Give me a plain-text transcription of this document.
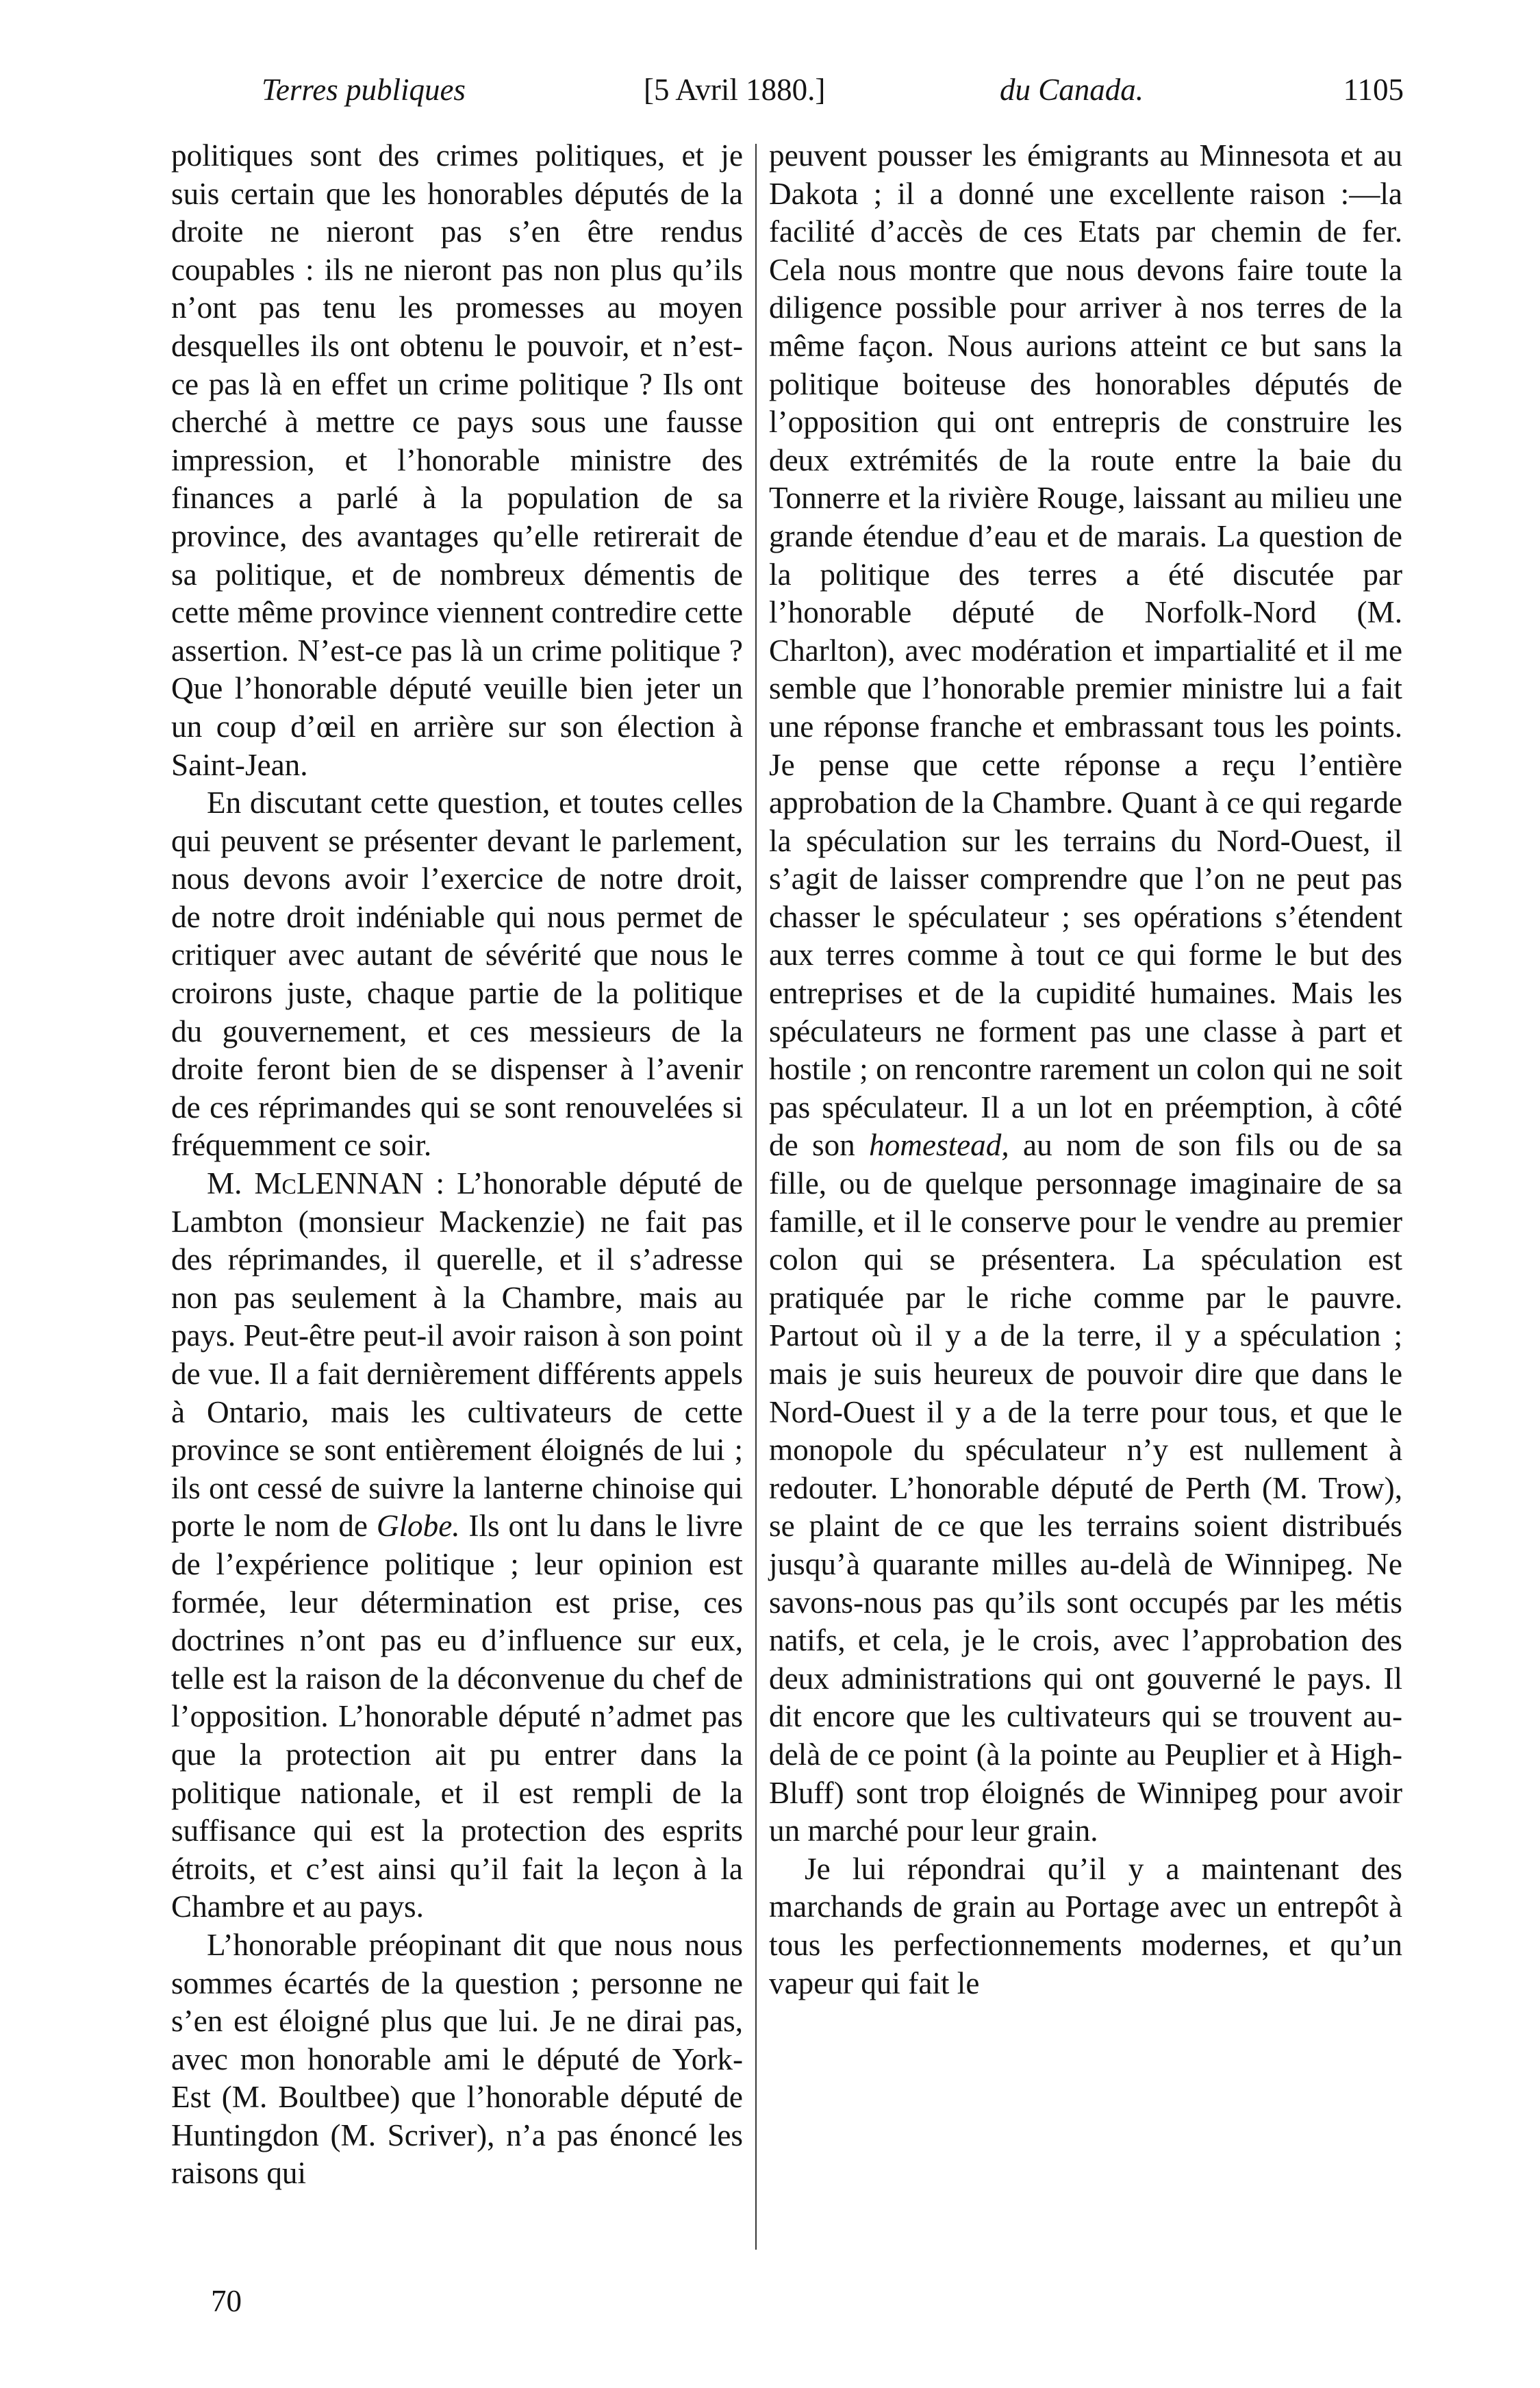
Terres publiques	[5 Avril 1880.]	du Canada.	1105

politiques sont des crimes politiques, et je suis certain que les honorables députés de la droite ne nieront pas s’en être rendus coupables : ils ne nieront pas non plus qu’ils n’ont pas tenu les promesses au moyen desquelles ils ont obtenu le pouvoir, et n’est-ce pas là en effet un crime politique ? Ils ont cherché à mettre ce pays sous une fausse impression, et l’honorable ministre des finances a parlé à la population de sa province, des avantages qu’elle retirerait de sa politique, et de nombreux démentis de cette même province viennent contredire cette assertion. N’est-ce pas là un crime politique ? Que l’honorable député veuille bien jeter un un coup d’œil en arrière sur son élection à Saint-Jean.

En discutant cette question, et toutes celles qui peuvent se présenter devant le parlement, nous devons avoir l’exercice de notre droit, de notre droit indéniable qui nous permet de critiquer avec autant de sévérité que nous le croirons juste, chaque partie de la politique du gouvernement, et ces messieurs de la droite feront bien de se dispenser à l’avenir de ces réprimandes qui se sont renouvelées si fréquemment ce soir.

M. McLENNAN : L’honorable député de Lambton (monsieur Mackenzie) ne fait pas des réprimandes, il querelle, et il s’adresse non pas seulement à la Chambre, mais au pays. Peut-être peut-il avoir raison à son point de vue. Il a fait dernièrement différents appels à Ontario, mais les cultivateurs de cette province se sont entièrement éloignés de lui ; ils ont cessé de suivre la lanterne chinoise qui porte le nom de Globe. Ils ont lu dans le livre de l’expérience politique ; leur opinion est formée, leur détermination est prise, ces doctrines n’ont pas eu d’influence sur eux, telle est la raison de la déconvenue du chef de l’opposition. L’honorable député n’admet pas que la protection ait pu entrer dans la politique nationale, et il est rempli de la suffisance qui est la protection des esprits étroits, et c’est ainsi qu’il fait la leçon à la Chambre et au pays.

L’honorable préopinant dit que nous nous sommes écartés de la question ; personne ne s’en est éloigné plus que lui. Je ne dirai pas, avec mon honorable ami le député de York-Est (M. Boultbee) que l’honorable député de Huntingdon (M. Scriver), n’a pas énoncé les raisons qui

peuvent pousser les émigrants au Minnesota et au Dakota ; il a donné une excellente raison :—la facilité d’accès de ces Etats par chemin de fer. Cela nous montre que nous devons faire toute la diligence possible pour arriver à nos terres de la même façon. Nous aurions atteint ce but sans la politique boiteuse des honorables députés de l’opposition qui ont entrepris de construire les deux extrémités de la route entre la baie du Tonnerre et la rivière Rouge, laissant au milieu une grande étendue d’eau et de marais. La question de la politique des terres a été discutée par l’honorable député de Norfolk-Nord (M. Charlton), avec modération et impartialité et il me semble que l’honorable premier ministre lui a fait une réponse franche et embrassant tous les points. Je pense que cette réponse a reçu l’entière approbation de la Chambre. Quant à ce qui regarde la spéculation sur les terrains du Nord-Ouest, il s’agit de laisser comprendre que l’on ne peut pas chasser le spéculateur ; ses opérations s’étendent aux terres comme à tout ce qui forme le but des entreprises et de la cupidité humaines. Mais les spéculateurs ne forment pas une classe à part et hostile ; on rencontre rarement un colon qui ne soit pas spéculateur. Il a un lot en préemption, à côté de son homestead, au nom de son fils ou de sa fille, ou de quelque personnage imaginaire de sa famille, et il le conserve pour le vendre au premier colon qui se présentera. La spéculation est pratiquée par le riche comme par le pauvre. Partout où il y a de la terre, il y a spéculation ; mais je suis heureux de pouvoir dire que dans le Nord-Ouest il y a de la terre pour tous, et que le monopole du spéculateur n’y est nullement à redouter. L’honorable député de Perth (M. Trow), se plaint de ce que les terrains soient distribués jusqu’à quarante milles au-delà de Winnipeg. Ne savons-nous pas qu’ils sont occupés par les métis natifs, et cela, je le crois, avec l’approbation des deux administrations qui ont gouverné le pays. Il dit encore que les cultivateurs qui se trouvent au-delà de ce point (à la pointe au Peuplier et à High-Bluff) sont trop éloignés de Winnipeg pour avoir un marché pour leur grain.

Je lui répondrai qu’il y a maintenant des marchands de grain au Portage avec un entrepôt à tous les perfectionnements modernes, et qu’un vapeur qui fait le

70
